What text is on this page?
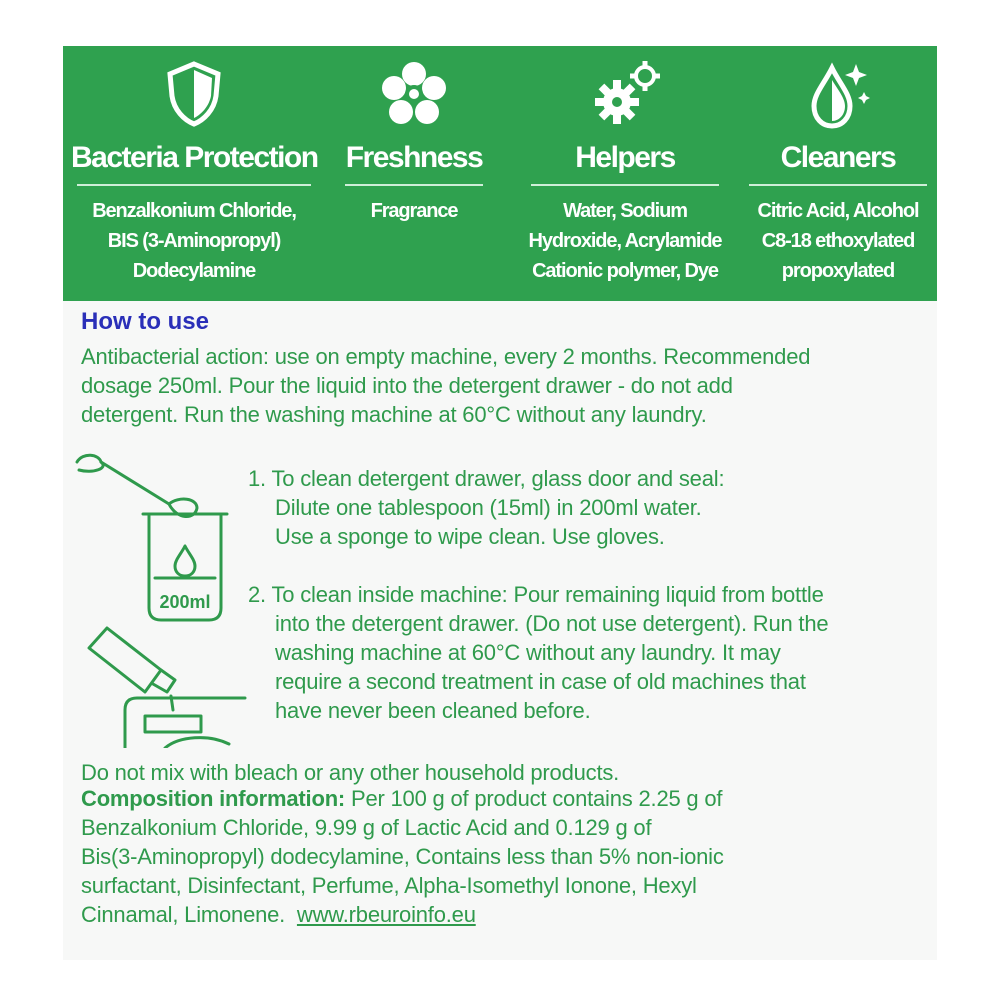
Bacteria Protection
Benzalkonium Chloride,
BIS (3-Aminopropyl)
Dodecylamine
Freshness
Fragrance
Helpers
Water, Sodium
Hydroxide, Acrylamide
Cationic polymer, Dye
Cleaners
Citric Acid, Alcohol
C8-18 ethoxylated
propoxylated
How to use
Antibacterial action: use on empty machine, every 2 months. Recommended
dosage 250ml. Pour the liquid into the detergent drawer - do not add
detergent. Run the washing machine at 60°C without any laundry.
200ml
1. To clean detergent drawer, glass door and seal:
Dilute one tablespoon (15ml) in 200ml water.
Use a sponge to wipe clean. Use gloves.
2. To clean inside machine: Pour remaining liquid from bottle
into the detergent drawer. (Do not use detergent). Run the
washing machine at 60°C without any laundry. It may
require a second treatment in case of old machines that
have never been cleaned before.
Do not mix with bleach or any other household products.
Composition information: Per 100 g of product contains 2.25 g of
Benzalkonium Chloride, 9.99 g of Lactic Acid and 0.129 g of
Bis(3-Aminopropyl) dodecylamine, Contains less than 5% non-ionic
surfactant, Disinfectant, Perfume, Alpha-Isomethyl Ionone, Hexyl
Cinnamal, Limonene.  www.rbeuroinfo.eu
